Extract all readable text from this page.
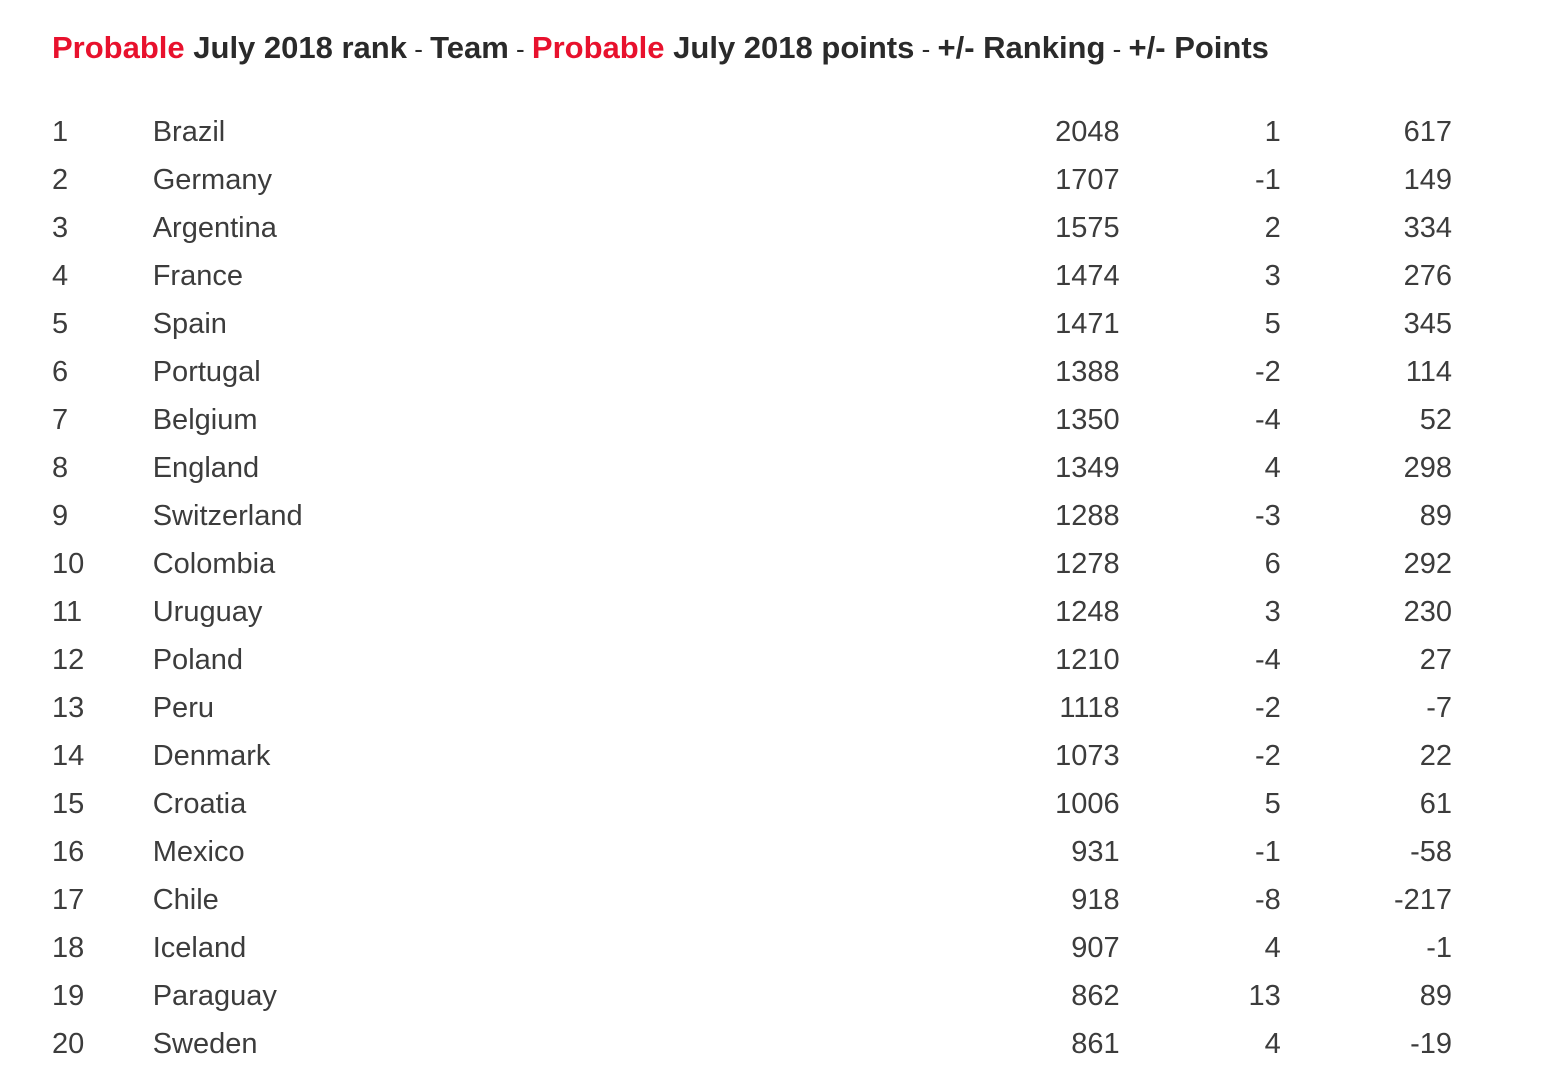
Probable July 2018 rank - Team - Probable July 2018 points - +/- Ranking - +/- Points
1	Brazil	2048	1	617
2	Germany	1707	-1	149
3	Argentina	1575	2	334
4	France	1474	3	276
5	Spain	1471	5	345
6	Portugal	1388	-2	114
7	Belgium	1350	-4	52
8	England	1349	4	298
9	Switzerland	1288	-3	89
10	Colombia	1278	6	292
11	Uruguay	1248	3	230
12	Poland	1210	-4	27
13	Peru	1118	-2	-7
14	Denmark	1073	-2	22
15	Croatia	1006	5	61
16	Mexico	931	-1	-58
17	Chile	918	-8	-217
18	Iceland	907	4	-1
19	Paraguay	862	13	89
20	Sweden	861	4	-19
